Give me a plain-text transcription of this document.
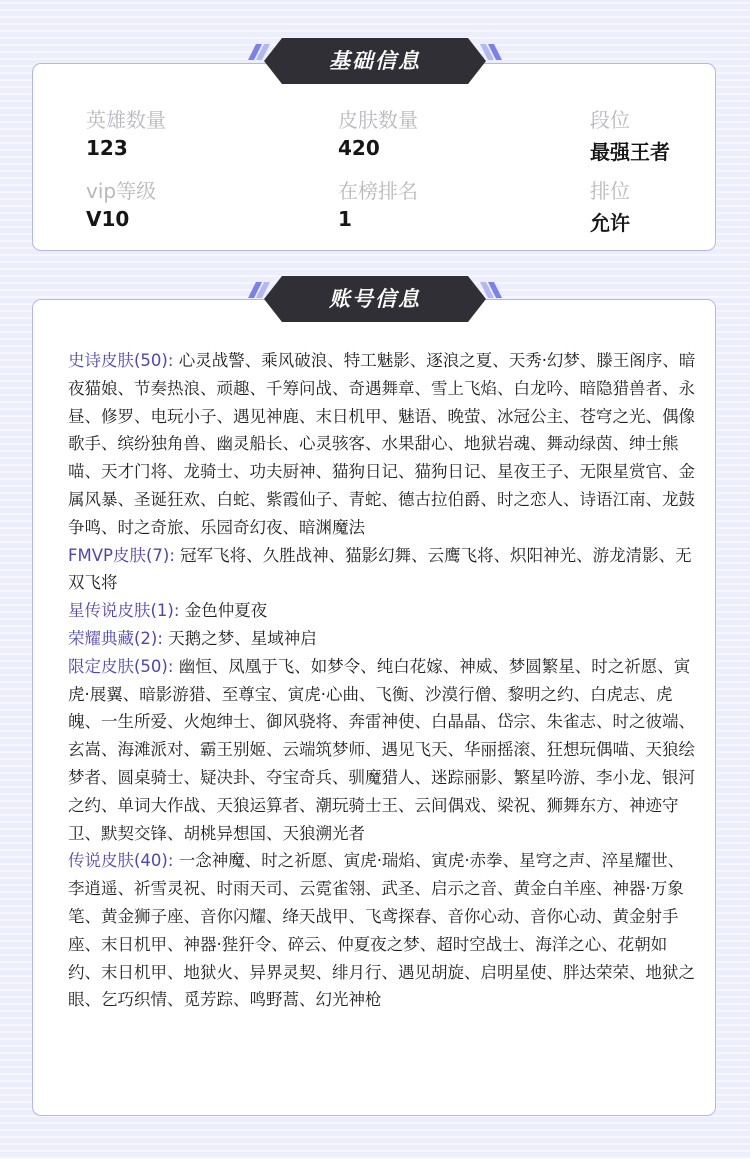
基础信息
英雄数量
123
皮肤数量
420
段位
最强王者
vip等级
V10
在榜排名
1
排位
允许
账号信息

史诗皮肤(50): 心灵战警、乘风破浪、特工魅影、逐浪之夏、天秀·幻梦、滕王阁序、暗夜猫娘、节奏热浪、顽趣、千筹问战、奇遇舞章、雪上飞焰、白龙吟、暗隐猎兽者、永昼、修罗、电玩小子、遇见神鹿、末日机甲、魅语、晚萤、冰冠公主、苍穹之光、偶像歌手、缤纷独角兽、幽灵船长、心灵骇客、水果甜心、地狱岩魂、舞动绿茵、绅士熊喵、天才门将、龙骑士、功夫厨神、猫狗日记、猫狗日记、星夜王子、无限星赏官、金属风暴、圣诞狂欢、白蛇、紫霞仙子、青蛇、德古拉伯爵、时之恋人、诗语江南、龙鼓争鸣、时之奇旅、乐园奇幻夜、暗渊魔法

FMVP皮肤(7): 冠军飞将、久胜战神、猫影幻舞、云鹰飞将、炽阳神光、游龙清影、无双飞将

星传说皮肤(1): 金色仲夏夜

荣耀典藏(2): 天鹅之梦、星域神启

限定皮肤(50): 幽恒、凤凰于飞、如梦令、纯白花嫁、神威、梦圆繁星、时之祈愿、寅虎·展翼、暗影游猎、至尊宝、寅虎·心曲、飞衡、沙漠行僧、黎明之约、白虎志、虎魄、一生所爱、火炮绅士、御风骁将、奔雷神使、白晶晶、岱宗、朱雀志、时之彼端、玄嵩、海滩派对、霸王别姬、云端筑梦师、遇见飞天、华丽摇滚、狂想玩偶喵、天狼绘梦者、圆桌骑士、疑决卦、夺宝奇兵、驯魔猎人、迷踪丽影、繁星吟游、李小龙、银河之约、单词大作战、天狼运算者、潮玩骑士王、云间偶戏、梁祝、狮舞东方、神迹守卫、默契交锋、胡桃异想国、天狼溯光者

传说皮肤(40): 一念神魔、时之祈愿、寅虎·瑞焰、寅虎·赤拳、星穹之声、淬星耀世、李逍遥、祈雪灵祝、时雨天司、云霓雀翎、武圣、启示之音、黄金白羊座、神器·万象笔、黄金狮子座、音你闪耀、绛天战甲、飞鸢探春、音你心动、音你心动、黄金射手座、末日机甲、神器·狴犴令、碎云、仲夏夜之梦、超时空战士、海洋之心、花朝如约、末日机甲、地狱火、异界灵契、绯月行、遇见胡旋、启明星使、胖达荣荣、地狱之眼、乞巧织情、觅芳踪、鸣野蒿、幻光神枪
